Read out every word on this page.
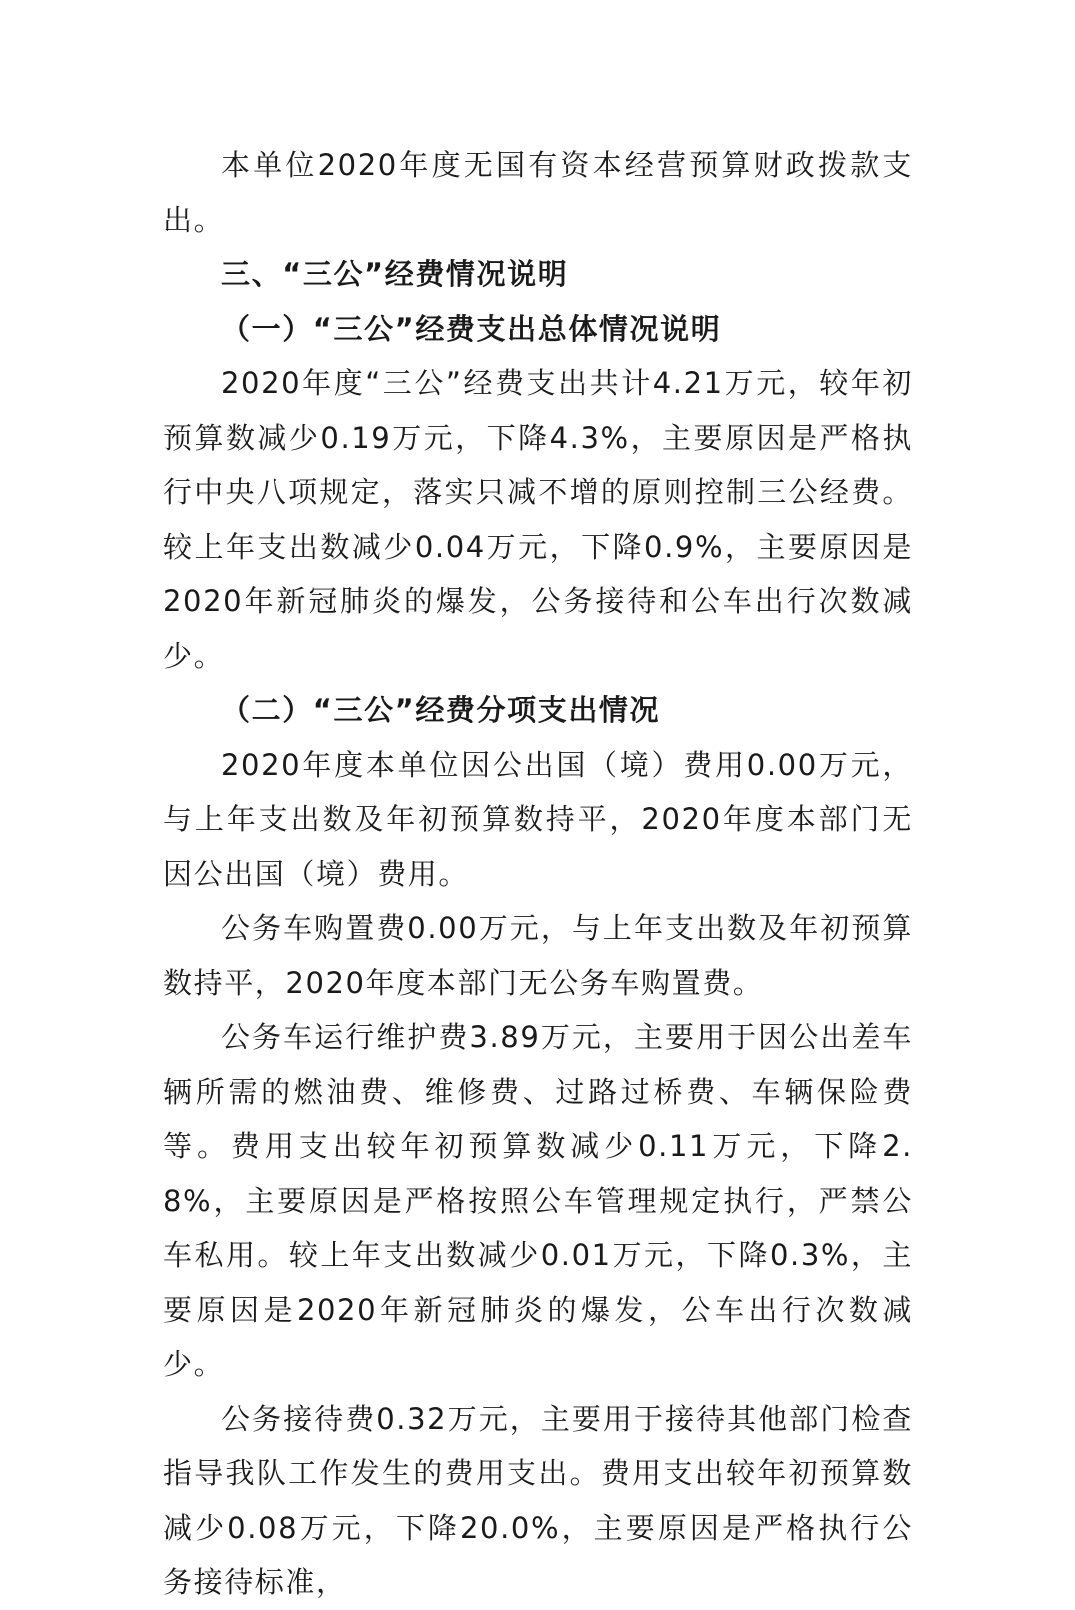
本单位2020年度无国有资本经营预算财政拨款支出。

三、“三公”经费情况说明

（一）“三公”经费支出总体情况说明

2020年度“三公”经费支出共计4.21万元，较年初预算数减少0.19万元，下降4.3%，主要原因是严格执行中央八项规定，落实只减不增的原则控制三公经费。较上年支出数减少0.04万元，下降0.9%，主要原因是2020年新冠肺炎的爆发，公务接待和公车出行次数减少。

（二）“三公”经费分项支出情况

2020年度本单位因公出国（境）费用0.00万元，与上年支出数及年初预算数持平，2020年度本部门无因公出国（境）费用。

公务车购置费0.00万元，与上年支出数及年初预算数持平，2020年度本部门无公务车购置费。

公务车运行维护费3.89万元，主要用于因公出差车辆所需的燃油费、维修费、过路过桥费、车辆保险费等。费用支出较年初预算数减少0.11万元，下降2.8%，主要原因是严格按照公车管理规定执行，严禁公车私用。较上年支出数减少0.01万元，下降0.3%，主要原因是2020年新冠肺炎的爆发，公车出行次数减少。

公务接待费0.32万元，主要用于接待其他部门检查指导我队工作发生的费用支出。费用支出较年初预算数减少0.08万元，下降20.0%，主要原因是严格执行公务接待标准，
